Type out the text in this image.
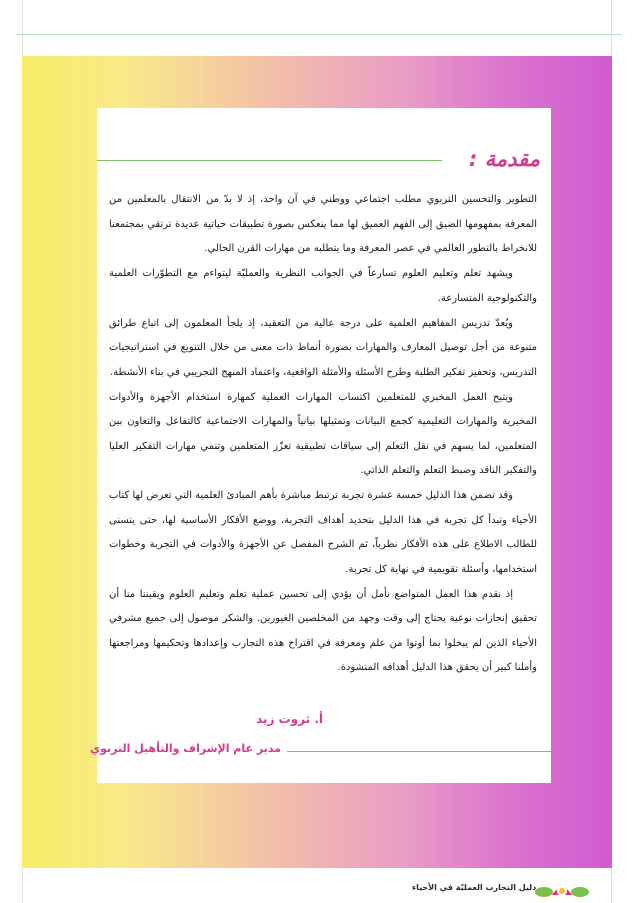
دليل التجارب العمليّة في الأحياء
مقدمة :

التطوير والتحسين التربوي مطلب اجتماعي ووطني في آن واحد، إذ لا بدّ من الانتقال بالمعلمين من المعرفة بمفهومها الضيق إلى الفهم العميق لها مما ينعكس بصورة تطبيقات حياتية عديدة ترتقي بمجتمعنا للانخراط بالتطور العالمي في عصر المعرفة وما يتطلبه من مهارات القرن الحالي.

ويشهد تعلم وتعليم العلوم تسارعاً في الجوانب النظرية والعمليّة ليتواءم مع التطوّرات العلمية والتكنولوجية المتسارعة.

ويُعدّ تدريس المفاهيم العلمية على درجة عالية من التعقيد، إذ يلجأ المعلمون إلى اتباع طرائق متنوعة من أجل توصيل المعارف والمهارات بصورة أنماط ذات معنى من خلال التنويع في استراتيجيات التدريس، وتحفيز تفكير الطلبة وطرح الأسئلة والأمثلة الواقعية، واعتماد المنهج التجريبي في بناء الأنشطة.

ويتيح العمل المخبري للمتعلمين اكتساب المهارات العملية كمهارة استخدام الأجهزة والأدوات المخبرية والمهارات التعليمية كجمع البيانات وتمثيلها بيانياً والمهارات الاجتماعية كالتفاعل والتعاون بين المتعلمين، لما يسهم في نقل التعلم إلى سياقات تطبيقية تعزّز المتعلمين وتنمي مهارات التفكير العليا والتفكير الناقد وضبط التعلم والتعلم الذاتي.

وقد تضمن هذا الدليل خمسة عشرة تجربة ترتبط مباشرة بأهم المبادئ العلمية التي تعرض لها كتاب الأحياء وتبدأ كل تجربة في هذا الدليل بتحديد أهداف التجربة، ووضع الأفكار الأساسية لها، حتى يتسنى للطالب الاطلاع على هذه الأفكار نظرياً، ثم الشرح المفصل عن الأجهزة والأدوات في التجربة وخطوات استخدامها، وأسئلة تقويمية في نهاية كل تجربة.

إذ نقدم هذا العمل المتواضع نأمل أن يؤدي إلى تحسين عملية تعلم وتعليم العلوم ويقيننا منا أن تحقيق إنجازات نوعية يحتاج إلى وقت وجهد من المخلصين الغيورين. والشكر موصول إلى جميع مشرفي الأحياء الذين لم يبخلوا بما أوتوا من علم ومعرفة في اقتراح هذه التجارب وإعدادها وتحكيمها ومراجعتها وأملنا كبير أن يحقق هذا الدليل أهدافه المنشودة.

أ. ثروت زيد

مدير عام الإشراف والتأهيل التربوي
